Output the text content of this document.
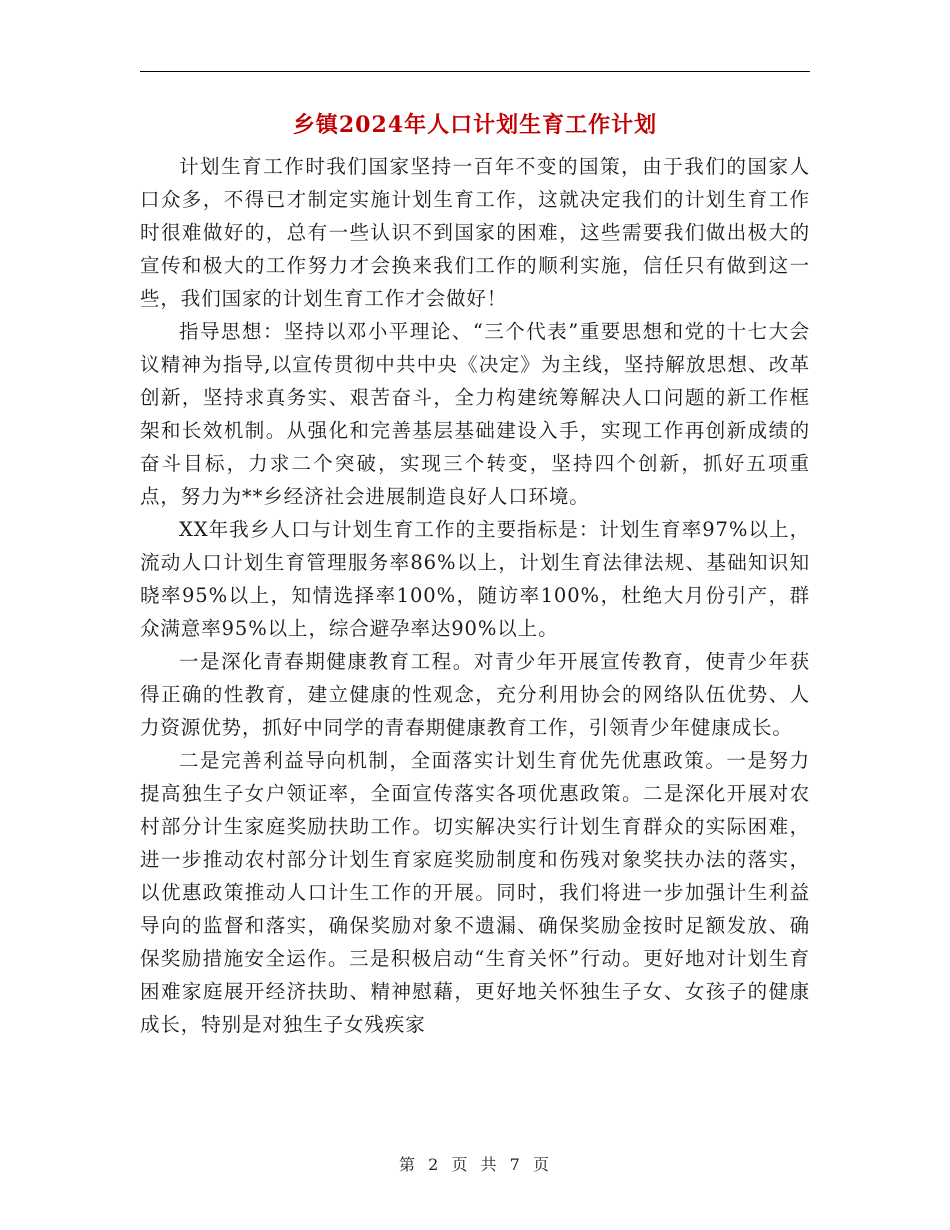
乡镇2024年人口计划生育工作计划

计划生育工作时我们国家坚持一百年不变的国策，由于我们的国家人口众多，不得已才制定实施计划生育工作，这就决定我们的计划生育工作时很难做好的，总有一些认识不到国家的困难，这些需要我们做出极大的宣传和极大的工作努力才会换来我们工作的顺利实施，信任只有做到这一些，我们国家的计划生育工作才会做好！

指导思想：坚持以邓小平理论、“三个代表”重要思想和党的十七大会议精神为指导,以宣传贯彻中共中央《决定》为主线，坚持解放思想、改革创新，坚持求真务实、艰苦奋斗，全力构建统筹解决人口问题的新工作框架和长效机制。从强化和完善基层基础建设入手，实现工作再创新成绩的奋斗目标，力求二个突破，实现三个转变，坚持四个创新，抓好五项重点，努力为**乡经济社会进展制造良好人口环境。

XX年我乡人口与计划生育工作的主要指标是：计划生育率97%以上，流动人口计划生育管理服务率86%以上，计划生育法律法规、基础知识知晓率95%以上，知情选择率100%，随访率100%，杜绝大月份引产，群众满意率95%以上，综合避孕率达90%以上。

一是深化青春期健康教育工程。对青少年开展宣传教育，使青少年获得正确的性教育，建立健康的性观念，充分利用协会的网络队伍优势、人力资源优势，抓好中同学的青春期健康教育工作，引领青少年健康成长。

二是完善利益导向机制，全面落实计划生育优先优惠政策。一是努力提高独生子女户领证率，全面宣传落实各项优惠政策。二是深化开展对农村部分计生家庭奖励扶助工作。切实解决实行计划生育群众的实际困难，进一步推动农村部分计划生育家庭奖励制度和伤残对象奖扶办法的落实，以优惠政策推动人口计生工作的开展。同时，我们将进一步加强计生利益导向的监督和落实，确保奖励对象不遗漏、确保奖励金按时足额发放、确保奖励措施安全运作。三是积极启动“生育关怀”行动。更好地对计划生育困难家庭展开经济扶助、精神慰藉，更好地关怀独生子女、女孩子的健康成长，特别是对独生子女残疾家

第 2 页 共 7 页
